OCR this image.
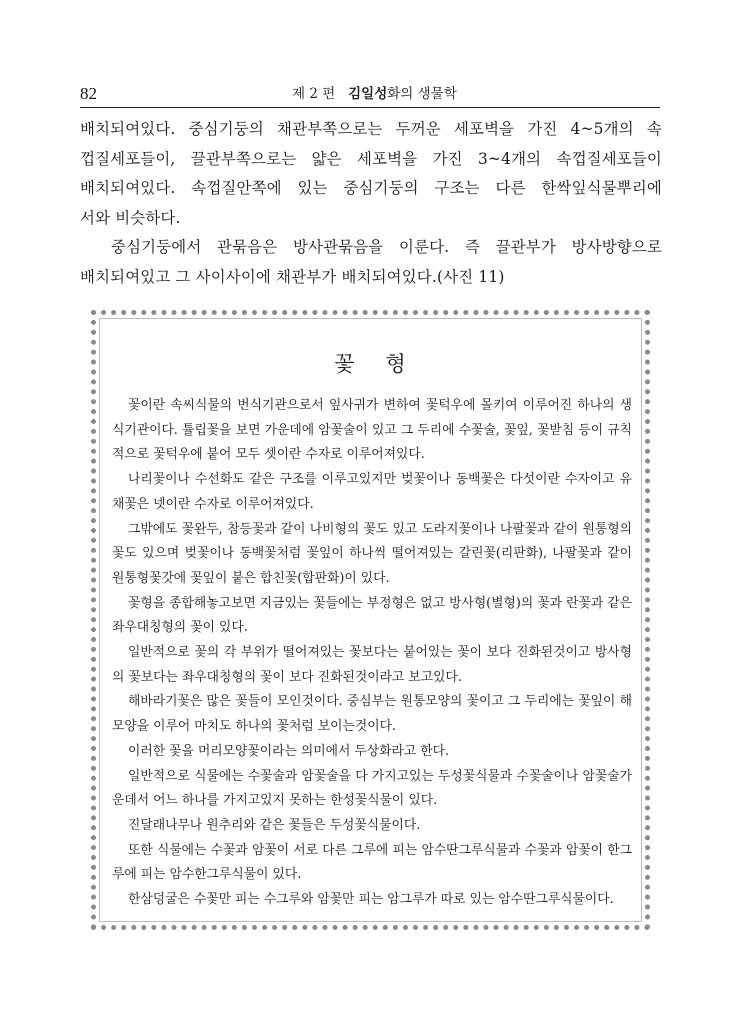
82	제 2 편 김일성화의 생물학

배치되여있다. 중심기둥의 채관부쪽으로는 두꺼운 세포벽을 가진 4~5개의 속

껍질세포들이, 끌관부쪽으로는 얇은 세포벽을 가진 3~4개의 속껍질세포들이

배치되여있다. 속껍질안쪽에 있는 중심기둥의 구조는 다른 한싹잎식물뿌리에

서와 비슷하다.

중심기둥에서 관묶음은 방사관묶음을 이룬다. 즉 끌관부가 방사방향으로

배치되여있고 그 사이사이에 채관부가 배치되여있다.(사진 11)

꽃 형

꽃이란 속씨식물의 번식기관으로서 잎사귀가 변하여 꽃턱우에 몰키여 이루어진 하나의 생식기관이다. 튤립꽃을 보면 가운데에 암꽃술이 있고 그 두리에 수꽃술, 꽃잎, 꽃받침 등이 규칙적으로 꽃턱우에 붙어 모두 셋이란 수자로 이루어져있다.

나리꽃이나 수선화도 같은 구조를 이루고있지만 벚꽃이나 동백꽃은 다섯이란 수자이고 유채꽃은 넷이란 수자로 이루어져있다.

그밖에도 꽃완두, 참등꽃과 같이 나비형의 꽃도 있고 도라지꽃이나 나팔꽃과 같이 원통형의 꽃도 있으며 벚꽃이나 동백꽃처럼 꽃잎이 하나씩 떨어져있는 갈린꽃(리판화), 나팔꽃과 같이 원통형꽃갓에 꽃잎이 붙은 합친꽃(합판화)이 있다.

꽃형을 종합해놓고보면 지금있는 꽃들에는 부정형은 없고 방사형(별형)의 꽃과 란꽃과 같은 좌우대칭형의 꽃이 있다.

일반적으로 꽃의 각 부위가 떨어져있는 꽃보다는 붙어있는 꽃이 보다 진화된것이고 방사형의 꽃보다는 좌우대칭형의 꽃이 보다 진화된것이라고 보고있다.

해바라기꽃은 많은 꽃들이 모인것이다. 중심부는 원통모양의 꽃이고 그 두리에는 꽃잎이 해모양을 이루어 마치도 하나의 꽃처럼 보이는것이다.

이러한 꽃을 머리모양꽃이라는 의미에서 두상화라고 한다.

일반적으로 식물에는 수꽃술과 암꽃술을 다 가지고있는 두성꽃식물과 수꽃술이나 암꽃술가운데서 어느 하나를 가지고있지 못하는 한성꽃식물이 있다.

진달래나무나 원추리와 같은 꽃들은 두성꽃식물이다.

또한 식물에는 수꽃과 암꽃이 서로 다른 그루에 피는 암수딴그루식물과 수꽃과 암꽃이 한그루에 피는 암수한그루식물이 있다.

한삼덩굴은 수꽃만 피는 수그루와 암꽃만 피는 암그루가 따로 있는 암수딴그루식물이다.
